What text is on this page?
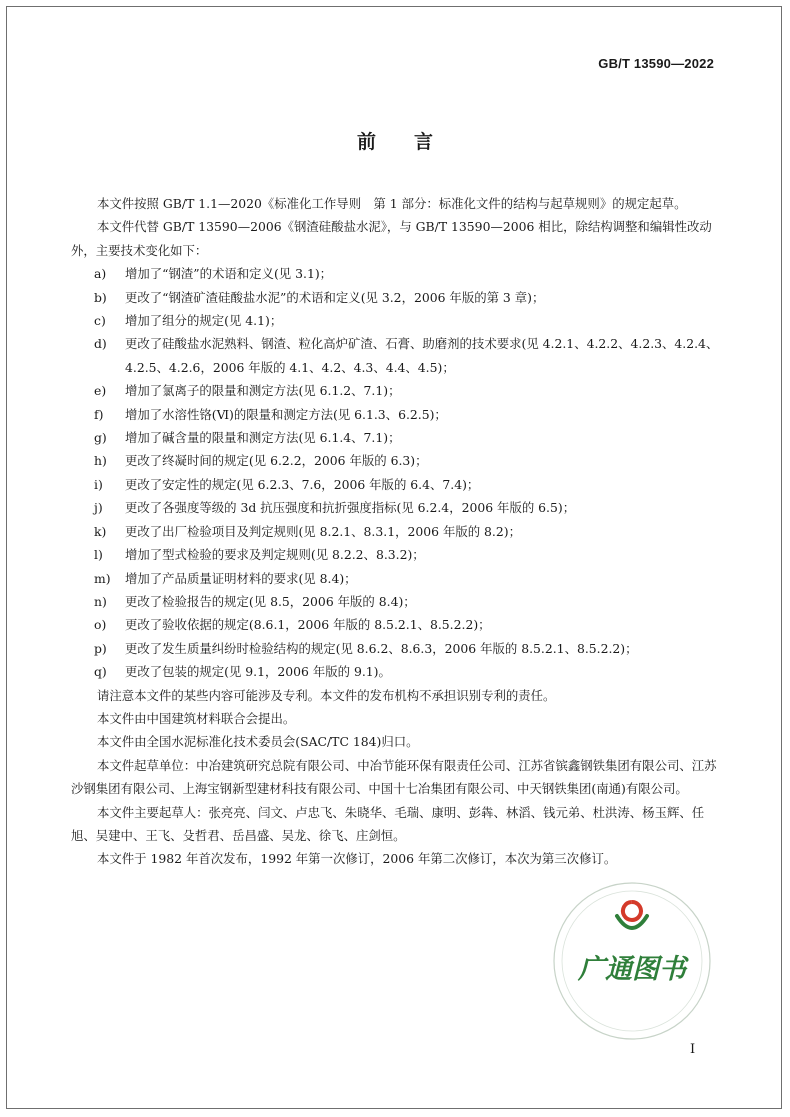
GB/T 13590—2022
前 言

本文件按照 GB/T 1.1—2020《标准化工作导则　第 1 部分：标准化文件的结构与起草规则》的规定起草。

本文件代替 GB/T 13590—2006《钢渣硅酸盐水泥》，与 GB/T 13590—2006 相比，除结构调整和编辑性改动外，主要技术变化如下：

a)	增加了“钢渣”的术语和定义(见 3.1)；
b)	更改了“钢渣矿渣硅酸盐水泥”的术语和定义(见 3.2，2006 年版的第 3 章)；
c)	增加了组分的规定(见 4.1)；
d)	更改了硅酸盐水泥熟料、钢渣、粒化高炉矿渣、石膏、助磨剂的技术要求(见 4.2.1、4.2.2、4.2.3、4.2.4、4.2.5、4.2.6，2006 年版的 4.1、4.2、4.3、4.4、4.5)；
e)	增加了氯离子的限量和测定方法(见 6.1.2、7.1)；
f)	增加了水溶性铬(Ⅵ)的限量和测定方法(见 6.1.3、6.2.5)；
g)	增加了碱含量的限量和测定方法(见 6.1.4、7.1)；
h)	更改了终凝时间的规定(见 6.2.2，2006 年版的 6.3)；
i)	更改了安定性的规定(见 6.2.3、7.6，2006 年版的 6.4、7.4)；
j)	更改了各强度等级的 3d 抗压强度和抗折强度指标(见 6.2.4，2006 年版的 6.5)；
k)	更改了出厂检验项目及判定规则(见 8.2.1、8.3.1，2006 年版的 8.2)；
l)	增加了型式检验的要求及判定规则(见 8.2.2、8.3.2)；
m)	增加了产品质量证明材料的要求(见 8.4)；
n)	更改了检验报告的规定(见 8.5，2006 年版的 8.4)；
o)	更改了验收依据的规定(8.6.1，2006 年版的 8.5.2.1、8.5.2.2)；
p)	更改了发生质量纠纷时检验结构的规定(见 8.6.2、8.6.3，2006 年版的 8.5.2.1、8.5.2.2)；
q)	更改了包装的规定(见 9.1，2006 年版的 9.1)。

请注意本文件的某些内容可能涉及专利。本文件的发布机构不承担识别专利的责任。

本文件由中国建筑材料联合会提出。

本文件由全国水泥标准化技术委员会(SAC/TC 184)归口。

本文件起草单位：中冶建筑研究总院有限公司、中冶节能环保有限责任公司、江苏省镔鑫钢铁集团有限公司、江苏沙钢集团有限公司、上海宝钢新型建材科技有限公司、中国十七冶集团有限公司、中天钢铁集团(南通)有限公司。

本文件主要起草人：张亮亮、闫文、卢忠飞、朱晓华、毛瑞、康明、彭犇、林滔、钱元弟、杜洪涛、杨玉辉、任旭、吴建中、王飞、殳哲君、岳昌盛、吴龙、徐飞、庄剑恒。

本文件于 1982 年首次发布，1992 年第一次修订，2006 年第二次修订，本次为第三次修订。

广通图书
Ⅰ
